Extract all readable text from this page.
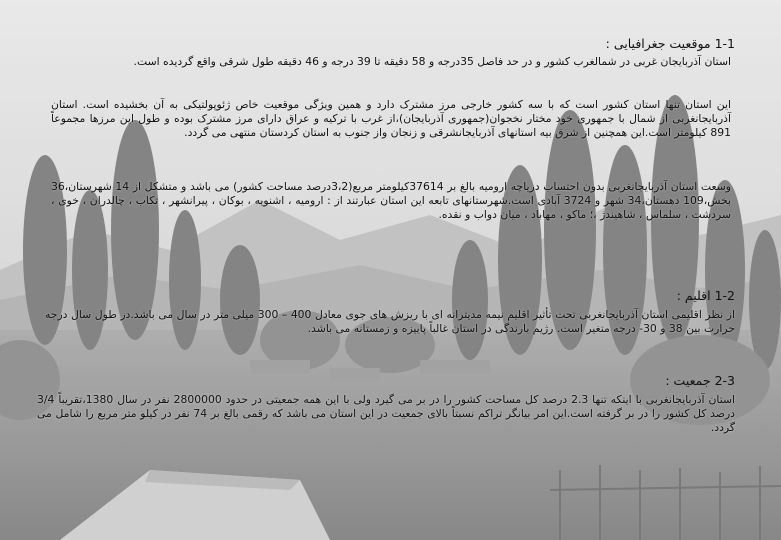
1-1 موقعیت جغرافیایی :

استان آذربایجان غربی در شمالغرب کشور و در حد فاصل 35درجه و 58 دقیقه تا 39 درجه و 46 دقیقه طول شرقی واقع گردیده است.

این استان تنها استان کشور است که با سه کشور خارجی مرز مشترک دارد و همین ویژگی موقعیت خاص ژئوپولتیکی به آن بخشیده است. استان آذربایجانغربی از شمال با جمهوری خود مختار نخجوان(جمهوری آذربایجان)،از غرب با ترکیه و عراق دارای مرز مشترک بوده و طول این مرزها مجموعاً 891 کیلومتر است.این همچنین از شرق بیه استانهای آذربایجانشرقی و زنجان واز جنوب به استان کردستان منتهی می گردد.

وسعت استان آذربایجانغربی بدون احتساب دریاچه ارومیه بالغ بر 37614کیلومتر مربع(3،2درصد مساحت کشور) می باشد و متشکل از 14 شهرستان،36 بخش،109 دهستان،34 شهر و 3724 آبادی است.شهرستانهای تابعه این استان عبارتند از : ارومیه ، اشنویه ، بوکان ، پیرانشهر ، تکاب ، چالدران ، خوی ، سردشت ، سلماس ، شاهیندژ ،؛ ماکو ، مهاباد ، میان دواب و نقده.

1-2 اقلیم :

از نظر اقلیمی استان آذربایجانغربی تحت تأثیر اقلیم نیمه مدیترانه ای با ریزش های جوی معادل 400 – 300 میلی متر در سال می باشد.در طول سال درجه حرارت بین 38 و 30- درجه متغیر است. رژیم بارندگی در استان غالباً پاییزه و زمستانه می باشد.

2-3 جمعیت :

استان آذربایجانغربی با اینکه تنها 2.3 درصد کل مساحت کشور را در بر می گیرد ولی با این همه جمعیتی در حدود 2800000 نفر در سال 1380،تقریباً 3/4 درصد کل کشور را در بر گرفته است.این امر بیانگر تراکم نسبتاً بالای جمعیت در این استان می باشد که رقمی بالغ بر 74 نفر در کیلو متر مربع را شامل می گردد.
